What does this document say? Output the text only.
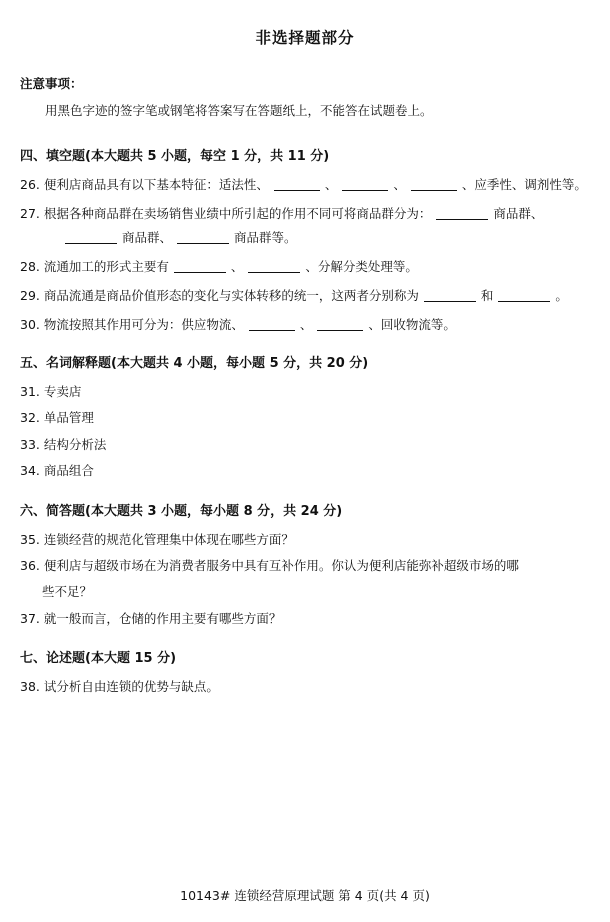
非选择题部分
注意事项：
用黑色字迹的签字笔或钢笔将答案写在答题纸上，不能答在试题卷上。
四、填空题(本大题共 5 小题，每空 1 分，共 11 分)
26. 便利店商品具有以下基本特征：适法性、	、	、	、应季性、调剂性等。
27. 根据各种商品群在卖场销售业绩中所引起的作用不同可将商品群分为：	商品群、
商品群、	商品群等。
28. 流通加工的形式主要有	、	、分解分类处理等。
29. 商品流通是商品价值形态的变化与实体转移的统一，这两者分别称为	和	。
30. 物流按照其作用可分为：供应物流、	、	、回收物流等。
五、名词解释题(本大题共 4 小题，每小题 5 分，共 20 分)
31. 专卖店
32. 单品管理
33. 结构分析法
34. 商品组合
六、简答题(本大题共 3 小题，每小题 8 分，共 24 分)
35. 连锁经营的规范化管理集中体现在哪些方面？
36. 便利店与超级市场在为消费者服务中具有互补作用。你认为便利店能弥补超级市场的哪
些不足？
37. 就一般而言，仓储的作用主要有哪些方面？
七、论述题(本大题 15 分)
38. 试分析自由连锁的优势与缺点。
10143# 连锁经营原理试题 第 4 页(共 4 页)
